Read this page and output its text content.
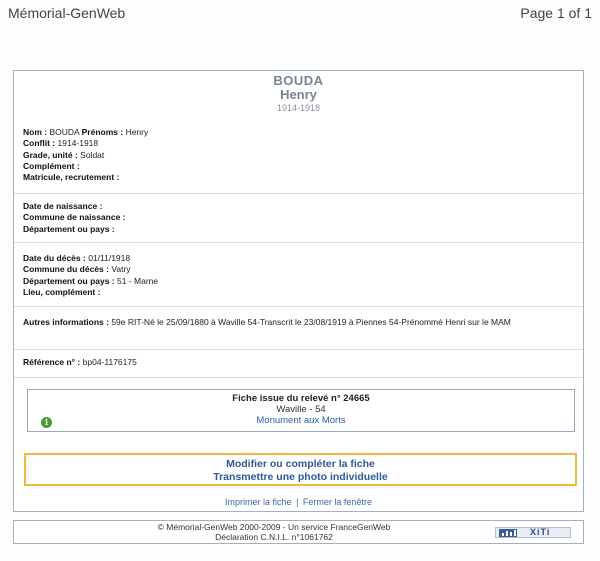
Mémorial-GenWeb	Page 1 of 1
BOUDA
Henry
1914-1918
Nom : BOUDA Prénoms : Henry
Conflit : 1914-1918
Grade, unité : Soldat
Complément :
Matricule, recrutement :
Date de naissance :
Commune de naissance :
Département ou pays :
Date du décès : 01/11/1918
Commune du décès : Vatry
Département ou pays : 51 - Marne
Lieu, complément :
Autres informations : 59e RIT-Né le 25/09/1880 à Waville 54-Transcrit le 23/08/1919 à Piennes 54-Prénommé Henri sur le MAM
Référence n° : bp04-1176175
i
Fiche issue du relevé n° 24665
Waville - 54
Monument aux Morts
Modifier ou compléter la fiche
Transmettre une photo individuelle
Imprimer la fiche | Fermer la fenêtre
© Mémorial-GenWeb 2000-2009 - Un service FranceGenWeb
Déclaration C.N.I.L. n°1061762	XiTi
